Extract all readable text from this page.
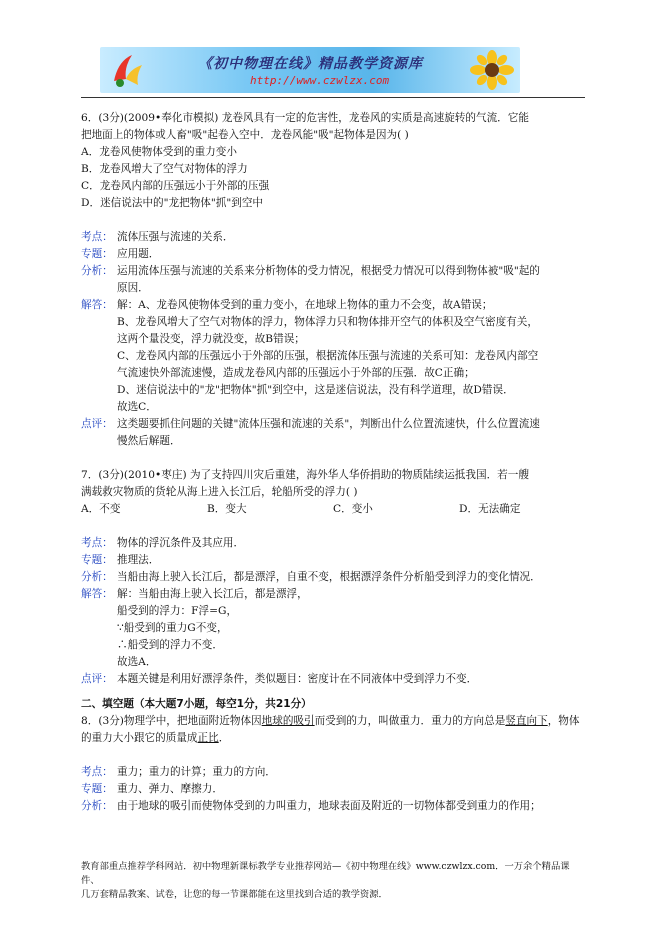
《初中物理在线》精品教学资源库
http://www.czwlzx.com

6．(3分)(2009•奉化市模拟) 龙卷风具有一定的危害性，龙卷风的实质是高速旋转的气流．它能

把地面上的物体或人畜"吸"起卷入空中．龙卷风能"吸"起物体是因为( )

A．龙卷风使物体受到的重力变小

B．龙卷风增大了空气对物体的浮力

C．龙卷风内部的压强远小于外部的压强

D．迷信说法中的"龙把物体"抓"到空中

考点： 流体压强与流速的关系．
专题： 应用题．
分析： 运用流体压强与流速的关系来分析物体的受力情况，根据受力情况可以得到物体被"吸"起的
原因．
解答： 解：A、龙卷风使物体受到的重力变小，在地球上物体的重力不会变，故A错误；
B、龙卷风增大了空气对物体的浮力，物体浮力只和物体排开空气的体积及空气密度有关，
这两个量没变，浮力就没变，故B错误；
C、龙卷风内部的压强远小于外部的压强，根据流体压强与流速的关系可知：龙卷风内部空
气流速快外部流速慢，造成龙卷风内部的压强远小于外部的压强．故C正确；
D、迷信说法中的"龙"把物体"抓"到空中，这是迷信说法，没有科学道理，故D错误．
故选C．
点评： 这类题要抓住问题的关键"流体压强和流速的关系"，判断出什么位置流速快，什么位置流速
慢然后解题．

7．(3分)(2010•枣庄) 为了支持四川灾后重建，海外华人华侨捐助的物质陆续运抵我国．若一艘

满载救灾物质的货轮从海上进入长江后，轮船所受的浮力( )

A．不变	B．变大	C．变小	D．无法确定
考点： 物体的浮沉条件及其应用．
专题： 推理法．
分析： 当船由海上驶入长江后，都是漂浮，自重不变，根据漂浮条件分析船受到浮力的变化情况．
解答： 解：当船由海上驶入长江后，都是漂浮，
船受到的浮力：F浮=G，
∵船受到的重力G不变，
∴船受到的浮力不变．
故选A．
点评： 本题关键是利用好漂浮条件，类似题目：密度计在不同液体中受到浮力不变．

二、填空题（本大题7小题，每空1分，共21分）

8．(3分)物理学中，把地面附近物体因地球的吸引而受到的力，叫做重力．重力的方向总是竖直向下，物体的重力大小跟它的质量成正比．

考点： 重力；重力的计算；重力的方向．
专题： 重力、弹力、摩擦力．
分析： 由于地球的吸引而使物体受到的力叫重力，地球表面及附近的一切物体都受到重力的作用；
教育部重点推荐学科网站．初中物理新课标教学专业推荐网站—《初中物理在线》www.czwlzx.com．一万余个精品课件、
几万套精品教案、试卷，让您的每一节课都能在这里找到合适的教学资源．
